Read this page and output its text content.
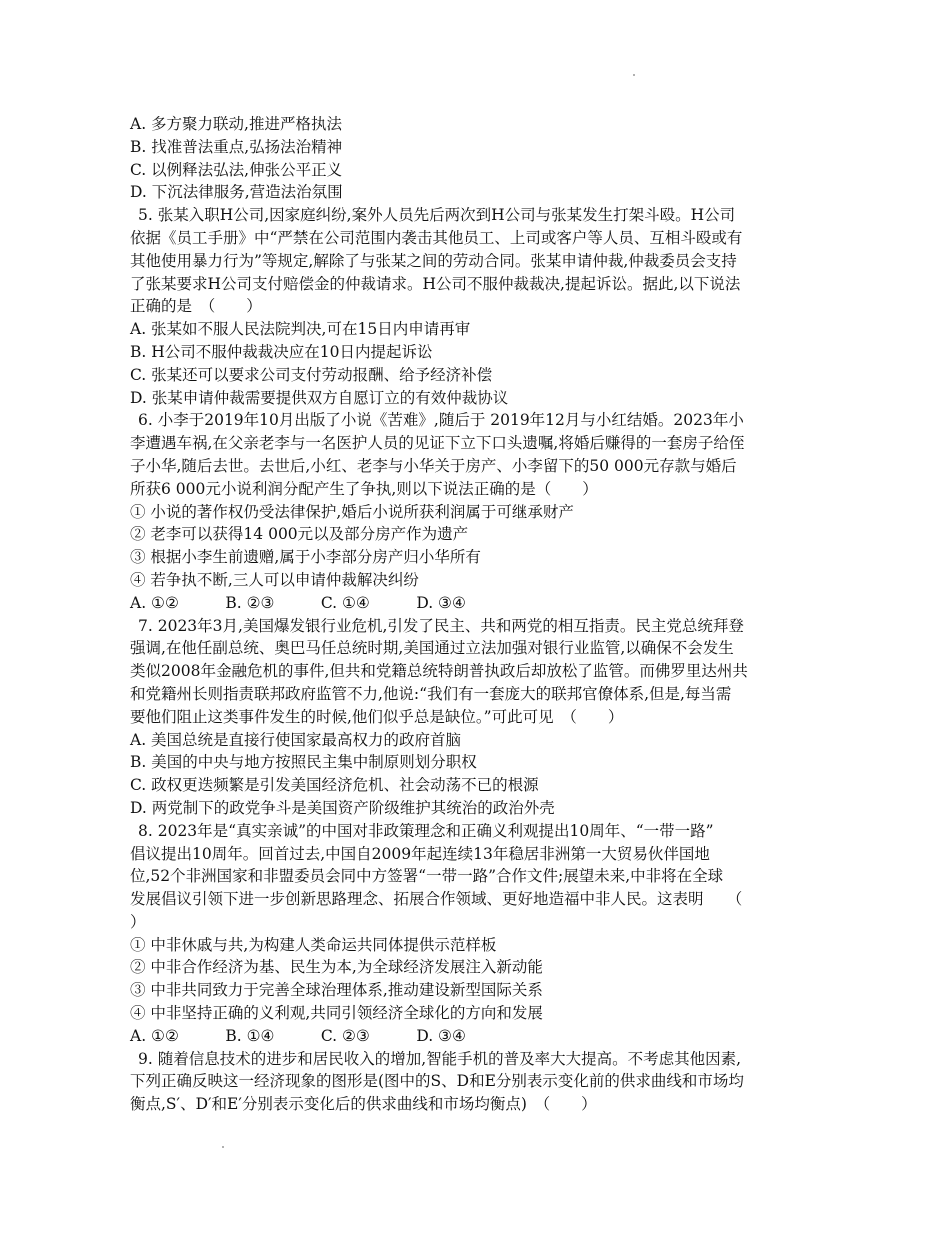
A. 多方聚力联动,推进严格执法
B. 找准普法重点,弘扬法治精神
C. 以例释法弘法,伸张公平正义
D. 下沉法律服务,营造法治氛围
5. 张某入职H公司,因家庭纠纷,案外人员先后两次到H公司与张某发生打架斗殴。H公司
依据《员工手册》中“严禁在公司范围内袭击其他员工、上司或客户等人员、互相斗殴或有
其他使用暴力行为”等规定,解除了与张某之间的劳动合同。张某申请仲裁,仲裁委员会支持
了张某要求H公司支付赔偿金的仲裁请求。H公司不服仲裁裁决,提起诉讼。据此,以下说法
正确的是　（　　）
A. 张某如不服人民法院判决,可在15日内申请再审
B. H公司不服仲裁裁决应在10日内提起诉讼
C. 张某还可以要求公司支付劳动报酬、给予经济补偿
D. 张某申请仲裁需要提供双方自愿订立的有效仲裁协议
6. 小李于2019年10月出版了小说《苦难》,随后于 2019年12月与小红结婚。2023年小
李遭遇车祸,在父亲老李与一名医护人员的见证下立下口头遗嘱,将婚后赚得的一套房子给侄
子小华,随后去世。去世后,小红、老李与小华关于房产、小李留下的50 000元存款与婚后
所获6 000元小说利润分配产生了争执,则以下说法正确的是（　　）
① 小说的著作权仍受法律保护,婚后小说所获利润属于可继承财产
② 老李可以获得14 000元以及部分房产作为遗产
③ 根据小李生前遗赠,属于小李部分房产归小华所有
④ 若争执不断,三人可以申请仲裁解决纠纷
A. ①②　　　B. ②③　　　C. ①④　　　D. ③④
7. 2023年3月,美国爆发银行业危机,引发了民主、共和两党的相互指责。民主党总统拜登
强调,在他任副总统、奥巴马任总统时期,美国通过立法加强对银行业监管,以确保不会发生
类似2008年金融危机的事件,但共和党籍总统特朗普执政后却放松了监管。而佛罗里达州共
和党籍州长则指责联邦政府监管不力,他说:“我们有一套庞大的联邦官僚体系,但是,每当需
要他们阻止这类事件发生的时候,他们似乎总是缺位。”可此可见　（　　）
A. 美国总统是直接行使国家最高权力的政府首脑
B. 美国的中央与地方按照民主集中制原则划分职权
C. 政权更迭频繁是引发美国经济危机、社会动荡不已的根源
D. 两党制下的政党争斗是美国资产阶级维护其统治的政治外壳
8. 2023年是“真实亲诚”的中国对非政策理念和正确义利观提出10周年、“一带一路”
倡议提出10周年。回首过去,中国自2009年起连续13年稳居非洲第一大贸易伙伴国地
位,52个非洲国家和非盟委员会同中方签署“一带一路”合作文件;展望未来,中非将在全球
发展倡议引领下进一步创新思路理念、拓展合作领域、更好地造福中非人民。这表明　　（
）
① 中非休戚与共,为构建人类命运共同体提供示范样板
② 中非合作经济为基、民生为本,为全球经济发展注入新动能
③ 中非共同致力于完善全球治理体系,推动建设新型国际关系
④ 中非坚持正确的义利观,共同引领经济全球化的方向和发展
A. ①②　　　B. ①④　　　C. ②③　　　D. ③④
9. 随着信息技术的进步和居民收入的增加,智能手机的普及率大大提高。不考虑其他因素,
下列正确反映这一经济现象的图形是(图中的S、D和E分别表示变化前的供求曲线和市场均
衡点,S′、D′和E′分别表示变化后的供求曲线和市场均衡点)　（　　）
